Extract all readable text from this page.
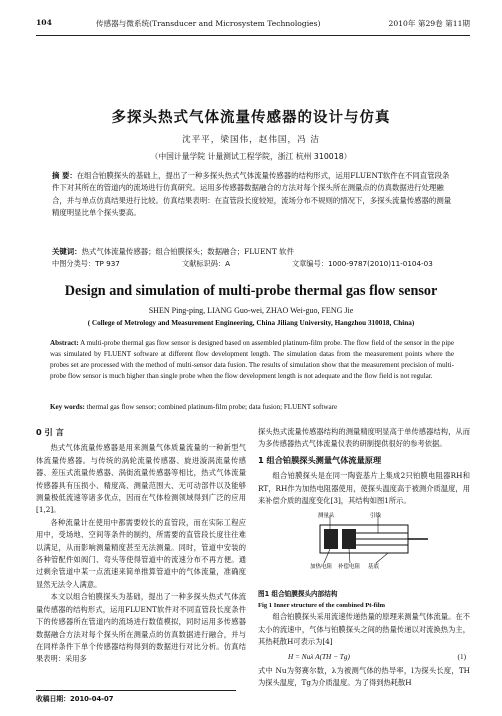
104	传感器与微系统(Transducer and Microsystem Technologies)	2010年 第29卷 第11期
多探头热式气体流量传感器的设计与仿真
沈平平，梁国伟，赵伟国，冯 洁
（中国计量学院 计量测试工程学院，浙江 杭州 310018）
摘 要：在组合铂膜探头的基础上，提出了一种多探头热式气体流量传感器的结构形式，运用FLUENT软件在不同直管段条件下对其所在的管道内的流场进行仿真研究。运用多传感器数据融合的方法对每个探头所在测量点的仿真数据进行处理融合，并与单点仿真结果进行比较。仿真结果表明：在直管段长度较短，流场分布不规则的情况下，多探头流量传感器的测量精度明显比单个探头要高。
关键词：热式气体流量传感器；组合铂膜探头；数据融合；FLUENT 软件
中图分类号：TP 937	文献标识码：A	文章编号：1000-9787(2010)11-0104-03
Design and simulation of multi-probe thermal gas flow sensor
SHEN Ping-ping, LIANG Guo-wei, ZHAO Wei-guo, FENG Jie
( College of Metrology and Measurement Engineering, China Jiliang University, Hangzhou 310018, China)
Abstract: A multi-probe thermal gas flow sensor is designed based on assembled platinum-film probe. The flow field of the sensor in the pipe was simulated by FLUENT software at different flow development length. The simulation datas from the measurement points where the probes set are processed with the method of multi-sensor data fusion. The results of simulation show that the measurement precision of multi-probe flow sensor is much higher than single probe when the flow development length is not adequate and the flow field is not regular.
Key words: thermal gas flow sensor; combined platinum-film probe; data fusion; FLUENT software
0 引 言

热式气体流量传感器是用来测量气体质量流量的一种新型气体流量传感器。与传统的涡轮流量传感器、旋进漩涡流量传感器、差压式流量传感器、涡街流量传感器等相比，热式气体流量传感器具有压损小、精度高、测量范围大、无可动部件以及能够测量极低流速等诸多优点，因而在气体检测领域得到广泛的应用[1,2]。

各种流量计在使用中都需要较长的直管段，而在实际工程应用中，受场地、空间等条件的制约，所需要的直管段长度往往难以满足，从而影响测量精度甚至无法测量。同时，管道中安装的各种管配件如阀门、弯头等使得管道中的流速分布不再方便。通过剩余管道中某一点流速来简单推算管道中的气体流量，准确度显然无法令人满意。

本文以组合铂膜探头为基础，提出了一种多探头热式气体流量传感器的结构形式，运用FLUENT软件对不同直管段长度条件下的传感器所在管道内的流场进行数值模拟，同时运用多传感器数据融合方法对每个探头所在测量点的仿真数据进行融合，并与在同样条件下单个传感器结构得到的数据进行对比分析。仿真结果表明：采用多

探头热式流量传感器结构的测量精度明显高于单传感器结构，从而为多传感器热式气体流量仪表的研制提供很好的参考依据。

1 组合铂膜探头测量气体流量原理

组合铂膜探头是在同一陶瓷基片上集成2只铂膜电阻器RH和RT，RH作为加热电阻器使用，使探头温度高于被测介质温度，用来补偿介质的温度变化[3]，其结构如图1所示。

测量头	引线
加热电阻 补偿电阻 基底

图1 组合铂膜探头内部结构

Fig 1 Inner structure of the combined Pt-film

组合铂膜探头采用流速传递热量的原理来测量气体流量。在不太小的流速中，气体与铂膜探头之间的热量传递以对流换热为主，其热耗散H可表示为[4]

H = Nuλ A(TH − Tg)	(1)

式中 Nu为努赛尔数，λ为被测气体的热导率，l为探头长度，TH为探头温度，Tg为介质温度。为了得到热耗散H

收稿日期：2010-04-07
